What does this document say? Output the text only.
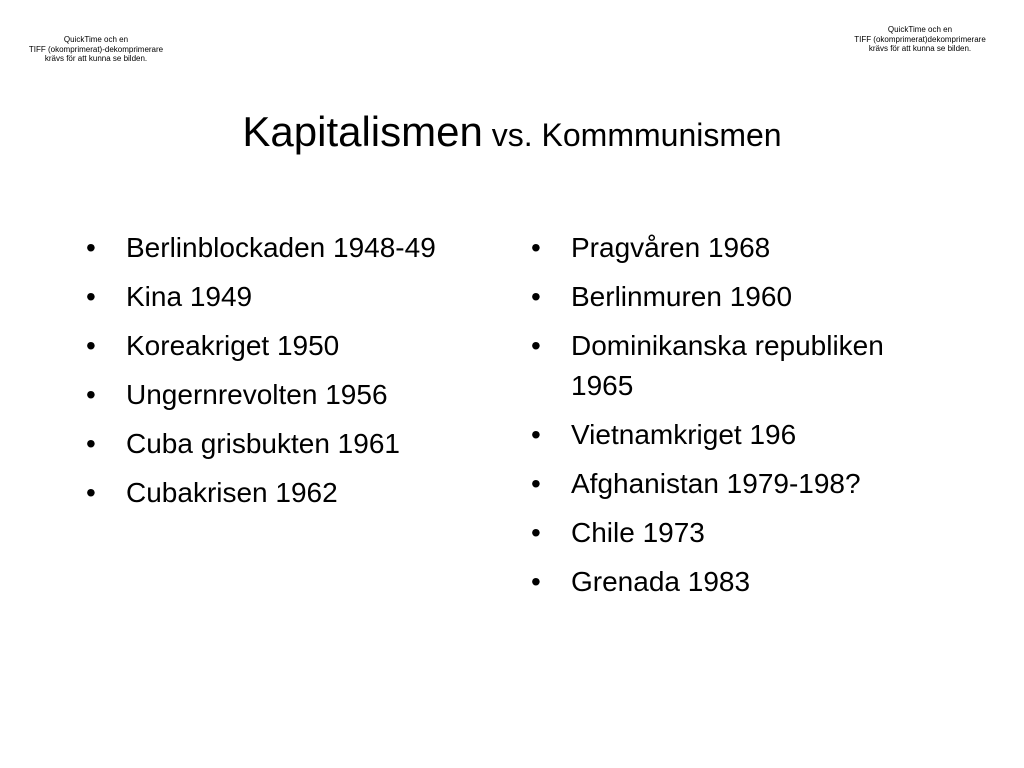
QuickTime och en
TIFF (okomprimerat)-dekomprimerare
krävs för att kunna se bilden.
QuickTime och en
TIFF (okomprimerat)dekomprimerare
krävs för att kunna se bilden.
Kapitalismen vs. Kommmunismen
• Berlinblockaden 1948-49
• Kina 1949
• Koreakriget 1950
• Ungernrevolten 1956
• Cuba grisbukten 1961
• Cubakrisen 1962
• Pragvåren 1968
• Berlinmuren 1960
• Dominikanska republiken 1965
• Vietnamkriget 196
• Afghanistan 1979-198?
• Chile 1973
• Grenada 1983
